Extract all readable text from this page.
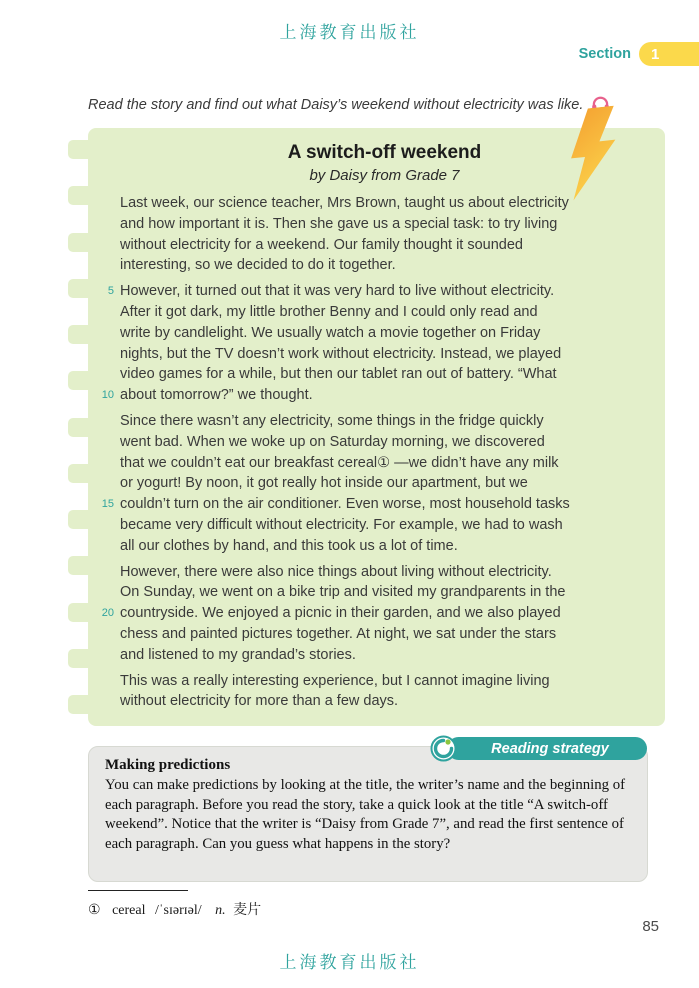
上海教育出版社
Section 1
Read the story and find out what Daisy’s weekend without electricity was like.
A switch-off weekend
by Daisy from Grade 7
Last week, our science teacher, Mrs Brown, taught us about electricity
and how important it is. Then she gave us a special task: to try living
without electricity for a weekend. Our family thought it sounded
interesting, so we decided to do it together.
5 However, it turned out that it was very hard to live without electricity.
After it got dark, my little brother Benny and I could only read and
write by candlelight. We usually watch a movie together on Friday
nights, but the TV doesn’t work without electricity. Instead, we played
video games for a while, but then our tablet ran out of battery. “What
10 about tomorrow?” we thought.
Since there wasn’t any electricity, some things in the fridge quickly
went bad. When we woke up on Saturday morning, we discovered
that we couldn’t eat our breakfast cereal① —we didn’t have any milk
or yogurt! By noon, it got really hot inside our apartment, but we
15 couldn’t turn on the air conditioner. Even worse, most household tasks
became very difficult without electricity. For example, we had to wash
all our clothes by hand, and this took us a lot of time.
However, there were also nice things about living without electricity.
On Sunday, we went on a bike trip and visited my grandparents in the
20 countryside. We enjoyed a picnic in their garden, and we also played
chess and painted pictures together. At night, we sat under the stars
and listened to my grandad’s stories.
This was a really interesting experience, but I cannot imagine living
without electricity for more than a few days.
Reading strategy
Making predictions
You can make predictions by looking at the title, the writer’s name and the beginning of each paragraph. Before you read the story, take a quick look at the title “A switch-off weekend”. Notice that the writer is “Daisy from Grade 7”, and read the first sentence of each paragraph. Can you guess what happens in the story?
① cereal /ˈsɪərɪəl/ n. 麦片
85
上海教育出版社
